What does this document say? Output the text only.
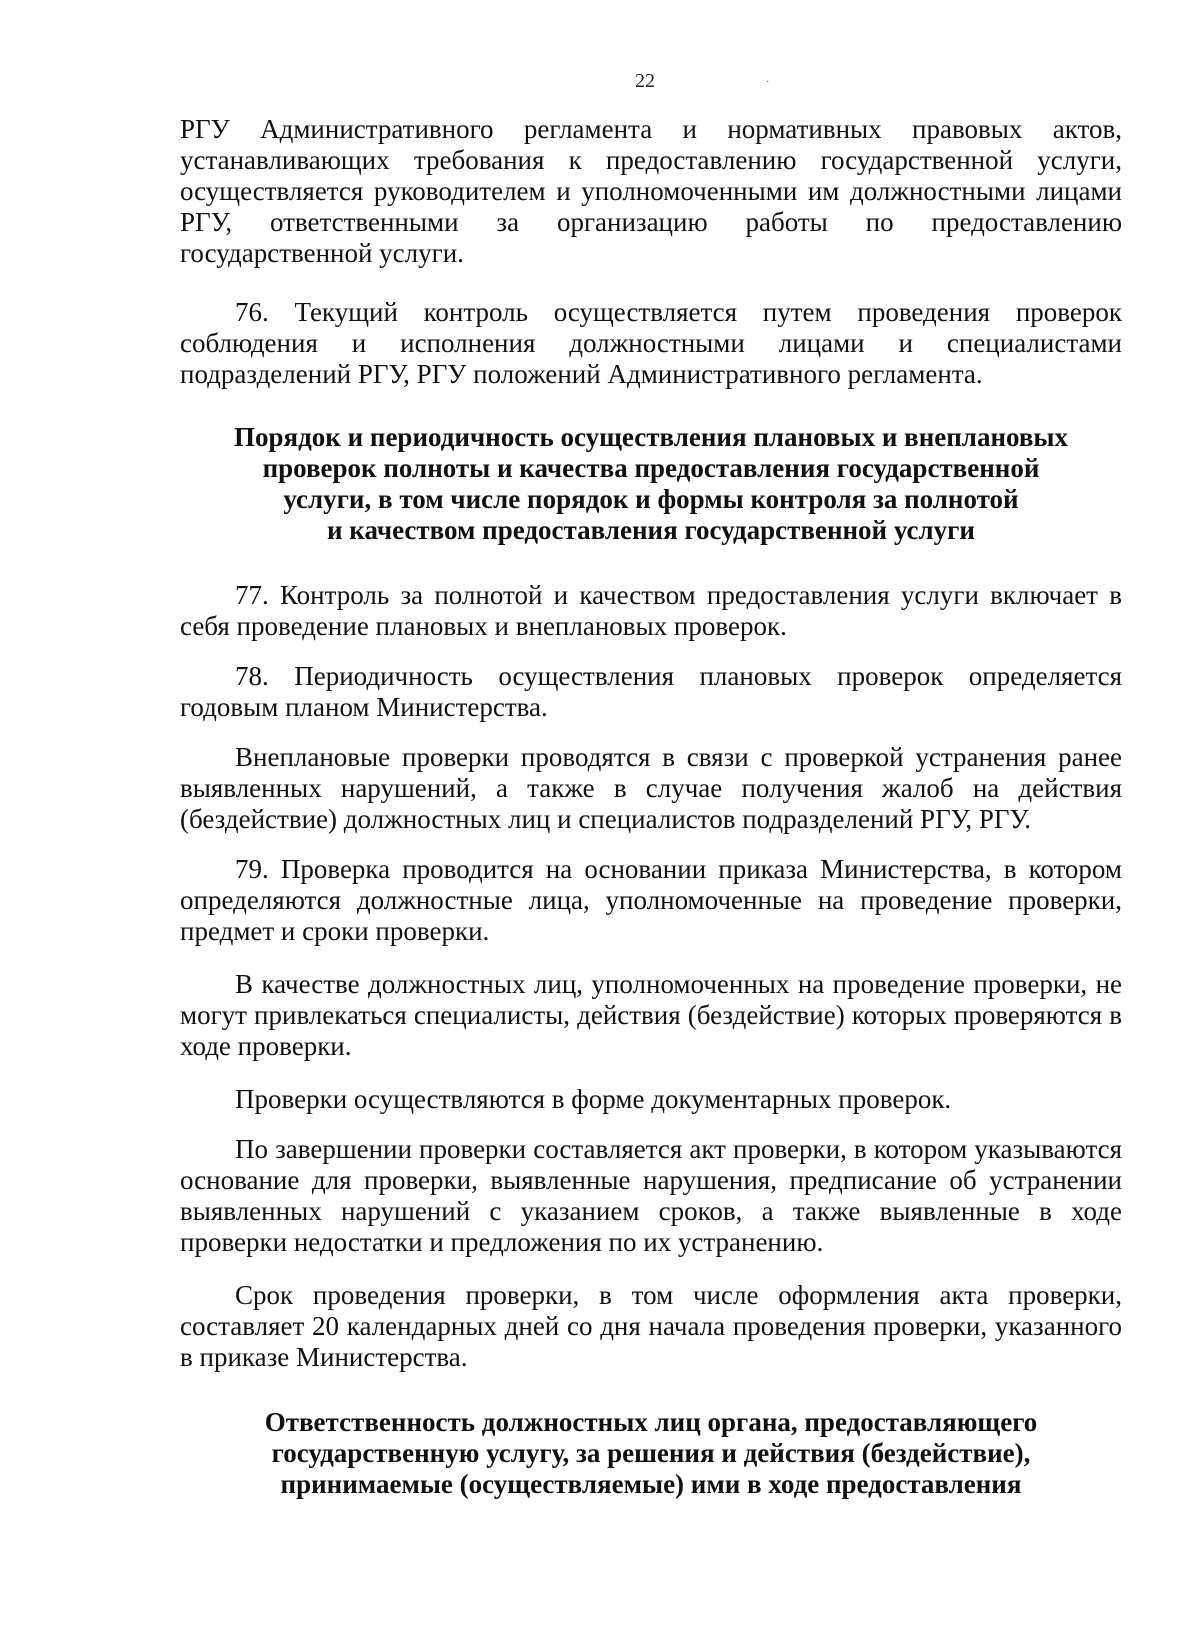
22	·

РГУ Административного регламента и нормативных правовых актов, устанавливающих требования к предоставлению государственной услуги, осуществляется руководителем и уполномоченными им должностными лицами РГУ, ответственными за организацию работы по предоставлению государственной услуги.

76. Текущий контроль осуществляется путем проведения проверок соблюдения и исполнения должностными лицами и специалистами подразделений РГУ, РГУ положений Административного регламента.

Порядок и периодичность осуществления плановых и внеплановых
проверок полноты и качества предоставления государственной
услуги, в том числе порядок и формы контроля за полнотой
и качеством предоставления государственной услуги

77. Контроль за полнотой и качеством предоставления услуги включает в себя проведение плановых и внеплановых проверок.

78. Периодичность осуществления плановых проверок определяется годовым планом Министерства.

Внеплановые проверки проводятся в связи с проверкой устранения ранее выявленных нарушений, а также в случае получения жалоб на действия (бездействие) должностных лиц и специалистов подразделений РГУ, РГУ.

79. Проверка проводится на основании приказа Министерства, в котором определяются должностные лица, уполномоченные на проведение проверки, предмет и сроки проверки.

В качестве должностных лиц, уполномоченных на проведение проверки, не могут привлекаться специалисты, действия (бездействие) которых проверяются в ходе проверки.

Проверки осуществляются в форме документарных проверок.

По завершении проверки составляется акт проверки, в котором указываются основание для проверки, выявленные нарушения, предписание об устранении выявленных нарушений с указанием сроков, а также выявленные в ходе проверки недостатки и предложения по их устранению.

Срок проведения проверки, в том числе оформления акта проверки, составляет 20 календарных дней со дня начала проведения проверки, указанного в приказе Министерства.

Ответственность должностных лиц органа, предоставляющего
государственную услугу, за решения и действия (бездействие),
принимаемые (осуществляемые) ими в ходе предоставления
